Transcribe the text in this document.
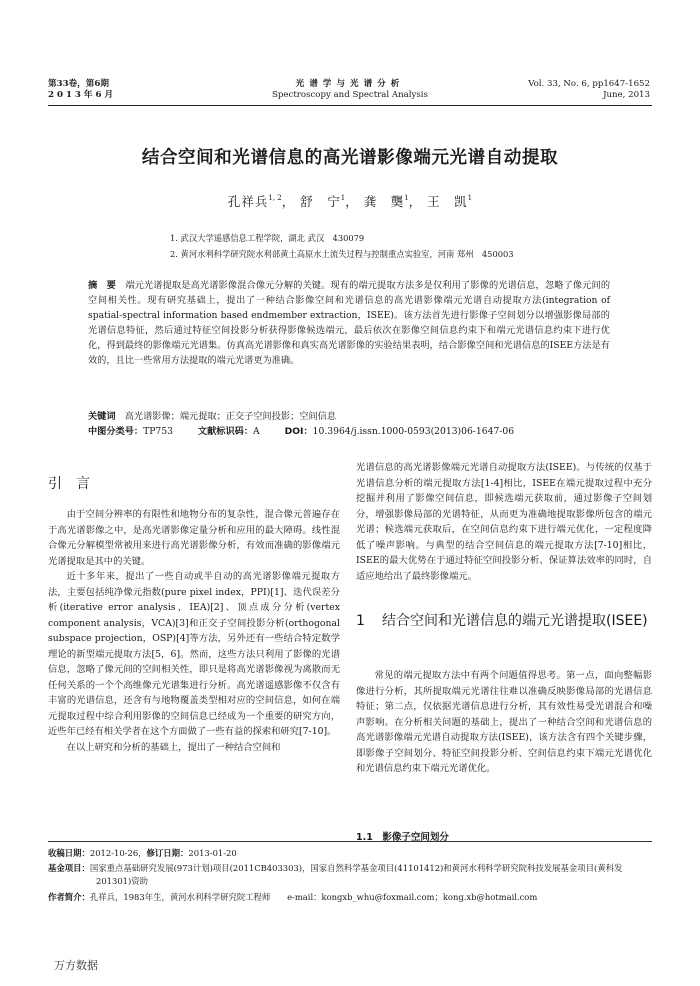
第33卷，第6期
2 0 1 3 年 6 月
光谱学与光谱分析
Spectroscopy and Spectral Analysis
Vol. 33, No. 6, pp1647-1652
June, 2013
结合空间和光谱信息的高光谱影像端元光谱自动提取
孔祥兵$^{1, 2}$， 舒　宁$^1$， 龚　龑$^1$， 王　凯$^1$
1. 武汉大学遥感信息工程学院，湖北 武汉　430079
2. 黄河水利科学研究院水利部黄土高原水土流失过程与控制重点实验室，河南 郑州　450003
摘　要　 端元光谱提取是高光谱影像混合像元分解的关键。现有的端元提取方法多是仅利用了影像的光谱信息，忽略了像元间的空间相关性。现有研究基础上，提出了一种结合影像空间和光谱信息的高光谱影像端元光谱自动提取方法(integration of spatial-spectral information based endmember extraction，ISEE)。该方法首先进行影像子空间划分以增强影像局部的光谱信息特征，然后通过特征空间投影分析获得影像候选端元，最后依次在影像空间信息约束下和端元光谱信息约束下进行优化，得到最终的影像端元光谱集。仿真高光谱影像和真实高光谱影像的实验结果表明，结合影像空间和光谱信息的ISEE方法是有效的，且比一些常用方法提取的端元光谱更为准确。
关键词　 高光谱影像；端元提取；正交子空间投影；空间信息
中图分类号：TP753	文献标识码：A	DOI：10.3964/j.issn.1000-0593(2013)06-1647-06
引言

由于空间分辨率的有限性和地物分布的复杂性，混合像元普遍存在于高光谱影像之中，是高光谱影像定量分析和应用的最大障碍。线性混合像元分解模型常被用来进行高光谱影像分析，有效而准确的影像端元光谱提取是其中的关键。

近十多年来，提出了一些自动或半自动的高光谱影像端元提取方法，主要包括纯净像元指数(pure pixel index，PPI)[1]、迭代误差分析(iterative error analysis，IEA)[2]、顶点成分分析(vertex component analysis，VCA)[3]和正交子空间投影分析(orthogonal subspace projection，OSP)[4]等方法，另外还有一些结合特定数学理论的新型端元提取方法[5，6]。然而，这些方法只利用了影像的光谱信息，忽略了像元间的空间相关性，即只是将高光谱影像视为离散而无任何关系的一个个高维像元光谱集进行分析。高光谱遥感影像不仅含有丰富的光谱信息，还含有与地物覆盖类型相对应的空间信息，如何在端元提取过程中综合利用影像的空间信息已经成为一个重要的研究方向，近些年已经有相关学者在这个方面做了一些有益的探索和研究[7-10]。

在以上研究和分析的基础上，提出了一种结合空间和

光谱信息的高光谱影像端元光谱自动提取方法(ISEE)。与传统的仅基于光谱信息分析的端元提取方法[1-4]相比，ISEE在端元提取过程中充分挖掘并利用了影像空间信息，即候选端元获取前，通过影像子空间划分，增强影像局部的光谱特征，从而更为准确地提取影像所包含的端元光谱；候选端元获取后，在空间信息约束下进行端元优化，一定程度降低了噪声影响。与典型的结合空间信息的端元提取方法[7-10]相比，ISEE的最大优势在于通过特征空间投影分析、保证算法效率的同时，自适应地给出了最终影像端元。
1 结合空间和光谱信息的端元光谱提取(ISEE)

常见的端元提取方法中有两个问题值得思考。第一点，面向整幅影像进行分析，其所提取端元光谱往往难以准确反映影像局部的光谱信息特征；第二点，仅依据光谱信息进行分析，其有效性易受光谱混合和噪声影响。在分析相关问题的基础上，提出了一种结合空间和光谱信息的高光谱影像端元光谱自动提取方法(ISEE)，该方法含有四个关键步骤，即影像子空间划分、特征空间投影分析、空间信息约束下端元光谱优化和光谱信息约束下端元光谱优化。

1.1　影像子空间划分
收稿日期：2012-10-26，修订日期：2013-01-20
基金项目：国家重点基础研究发展(973计划)项目(2011CB403303)，国家自然科学基金项目(41101412)和黄河水利科学研究院科技发展基金项目(黄科发201301)资助
作者简介：孔祥兵，1983年生，黄河水利科学研究院工程师　　 e-mail：kongxb_whu@foxmail.com；kong.xb@hotmail.com
万方数据
